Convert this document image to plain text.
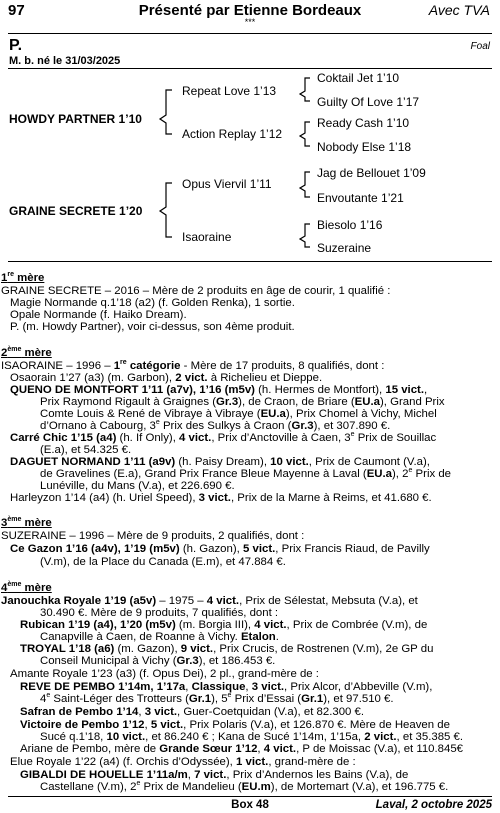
97	Présenté par Etienne Bordeaux
***
Avec TVA
P.	Foal
M. b. né le 31/03/2025
HOWDY PARTNER 1’10
Repeat Love 1’13
Coktail Jet 1’10
Guilty Of Love 1’17
Action Replay 1’12
Ready Cash 1’10
Nobody Else 1’18
GRAINE SECRETE 1’20
Opus Viervil 1’11
Jag de Bellouet 1’09
Envoutante 1’21
Isaoraine
Biesolo 1’16
Suzeraine
1re mère
GRAINE SECRETE – 2016 – Mère de 2 produits en âge de courir, 1 qualifié :
Magie Normande q.1’18 (a2) (f. Golden Renka), 1 sortie.
Opale Normande (f. Haiko Dream).
P. (m. Howdy Partner), voir ci-dessus, son 4ème produit.
2ème mère
ISAORAINE – 1996 – 1re catégorie - Mère de 17 produits, 8 qualifiés, dont :
Osaorain 1’27 (a3) (m. Garbon), 2 vict. à Richelieu et Dieppe.
QUENO DE MONTFORT 1’11 (a7v), 1’16 (m5v) (h. Hermes de Montfort), 15 vict.,
Prix Raymond Rigault à Graignes (Gr.3), de Craon, de Briare (EU.a), Grand Prix
Comte Louis & René de Vibraye à Vibraye (EU.a), Prix Chomel à Vichy, Michel
d’Ornano à Cabourg, 3e Prix des Sulkys à Craon (Gr.3), et 307.890 €.
Carré Chic 1’15 (a4) (h. If Only), 4 vict., Prix d’Anctoville à Caen, 3e Prix de Souillac
(E.a), et 54.325 €.
DAGUET NORMAND 1’11 (a9v) (h. Paisy Dream), 10 vict., Prix de Caumont (V.a),
de Gravelines (E.a), Grand Prix France Bleue Mayenne à Laval (EU.a), 2e Prix de
Lunéville, du Mans (V.a), et 226.690 €.
Harleyzon 1’14 (a4) (h. Uriel Speed), 3 vict., Prix de la Marne à Reims, et 41.680 €.
3ème mère
SUZERAINE – 1996 – Mère de 9 produits, 2 qualifiés, dont :
Ce Gazon 1’16 (a4v), 1’19 (m5v) (h. Gazon), 5 vict., Prix Francis Riaud, de Pavilly
(V.m), de la Place du Canada (E.m), et 47.884 €.
4ème mère
Janouchka Royale 1’19 (a5v) – 1975 – 4 vict., Prix de Sélestat, Mebsuta (V.a), et
30.490 €. Mère de 9 produits, 7 qualifiés, dont :
Rubican 1’19 (a4), 1’20 (m5v) (m. Borgia III), 4 vict., Prix de Combrée (V.m), de
Canapville à Caen, de Roanne à Vichy. Etalon.
TROYAL 1’18 (a6) (m. Gazon), 9 vict., Prix Crucis, de Rostrenen (V.m), 2e GP du
Conseil Municipal à Vichy (Gr.3), et 186.453 €.
Amante Royale 1’23 (a3) (f. Opus Dei), 2 pl., grand-mère de :
REVE DE PEMBO 1’14m, 1’17a, Classique, 3 vict., Prix Alcor, d’Abbeville (V.m),
4e Saint-Léger des Trotteurs (Gr.1), 5e Prix d’Essai (Gr.1), et 97.510 €.
Safran de Pembo 1’14, 3 vict., Guer-Coetquidan (V.a), et 82.300 €.
Victoire de Pembo 1’12, 5 vict., Prix Polaris (V.a), et 126.870 €. Mère de Heaven de
Sucé q.1’18, 10 vict., et 86.240 € ; Kana de Sucé 1’14m, 1’15a, 2 vict., et 35.385 €.
Ariane de Pembo, mère de Grande Sœur 1’12, 4 vict., P de Moissac (V.a), et 110.845€
Elue Royale 1’22 (a4) (f. Orchis d’Odyssée), 1 vict., grand-mère de :
GIBALDI DE HOUELLE 1’11a/m, 7 vict., Prix d’Andernos les Bains (V.a), de
Castellane (V.m), 2e Prix de Mandelieu (EU.m), de Mortemart (V.a), et 196.775 €.
Box 48	Laval, 2 octobre 2025
